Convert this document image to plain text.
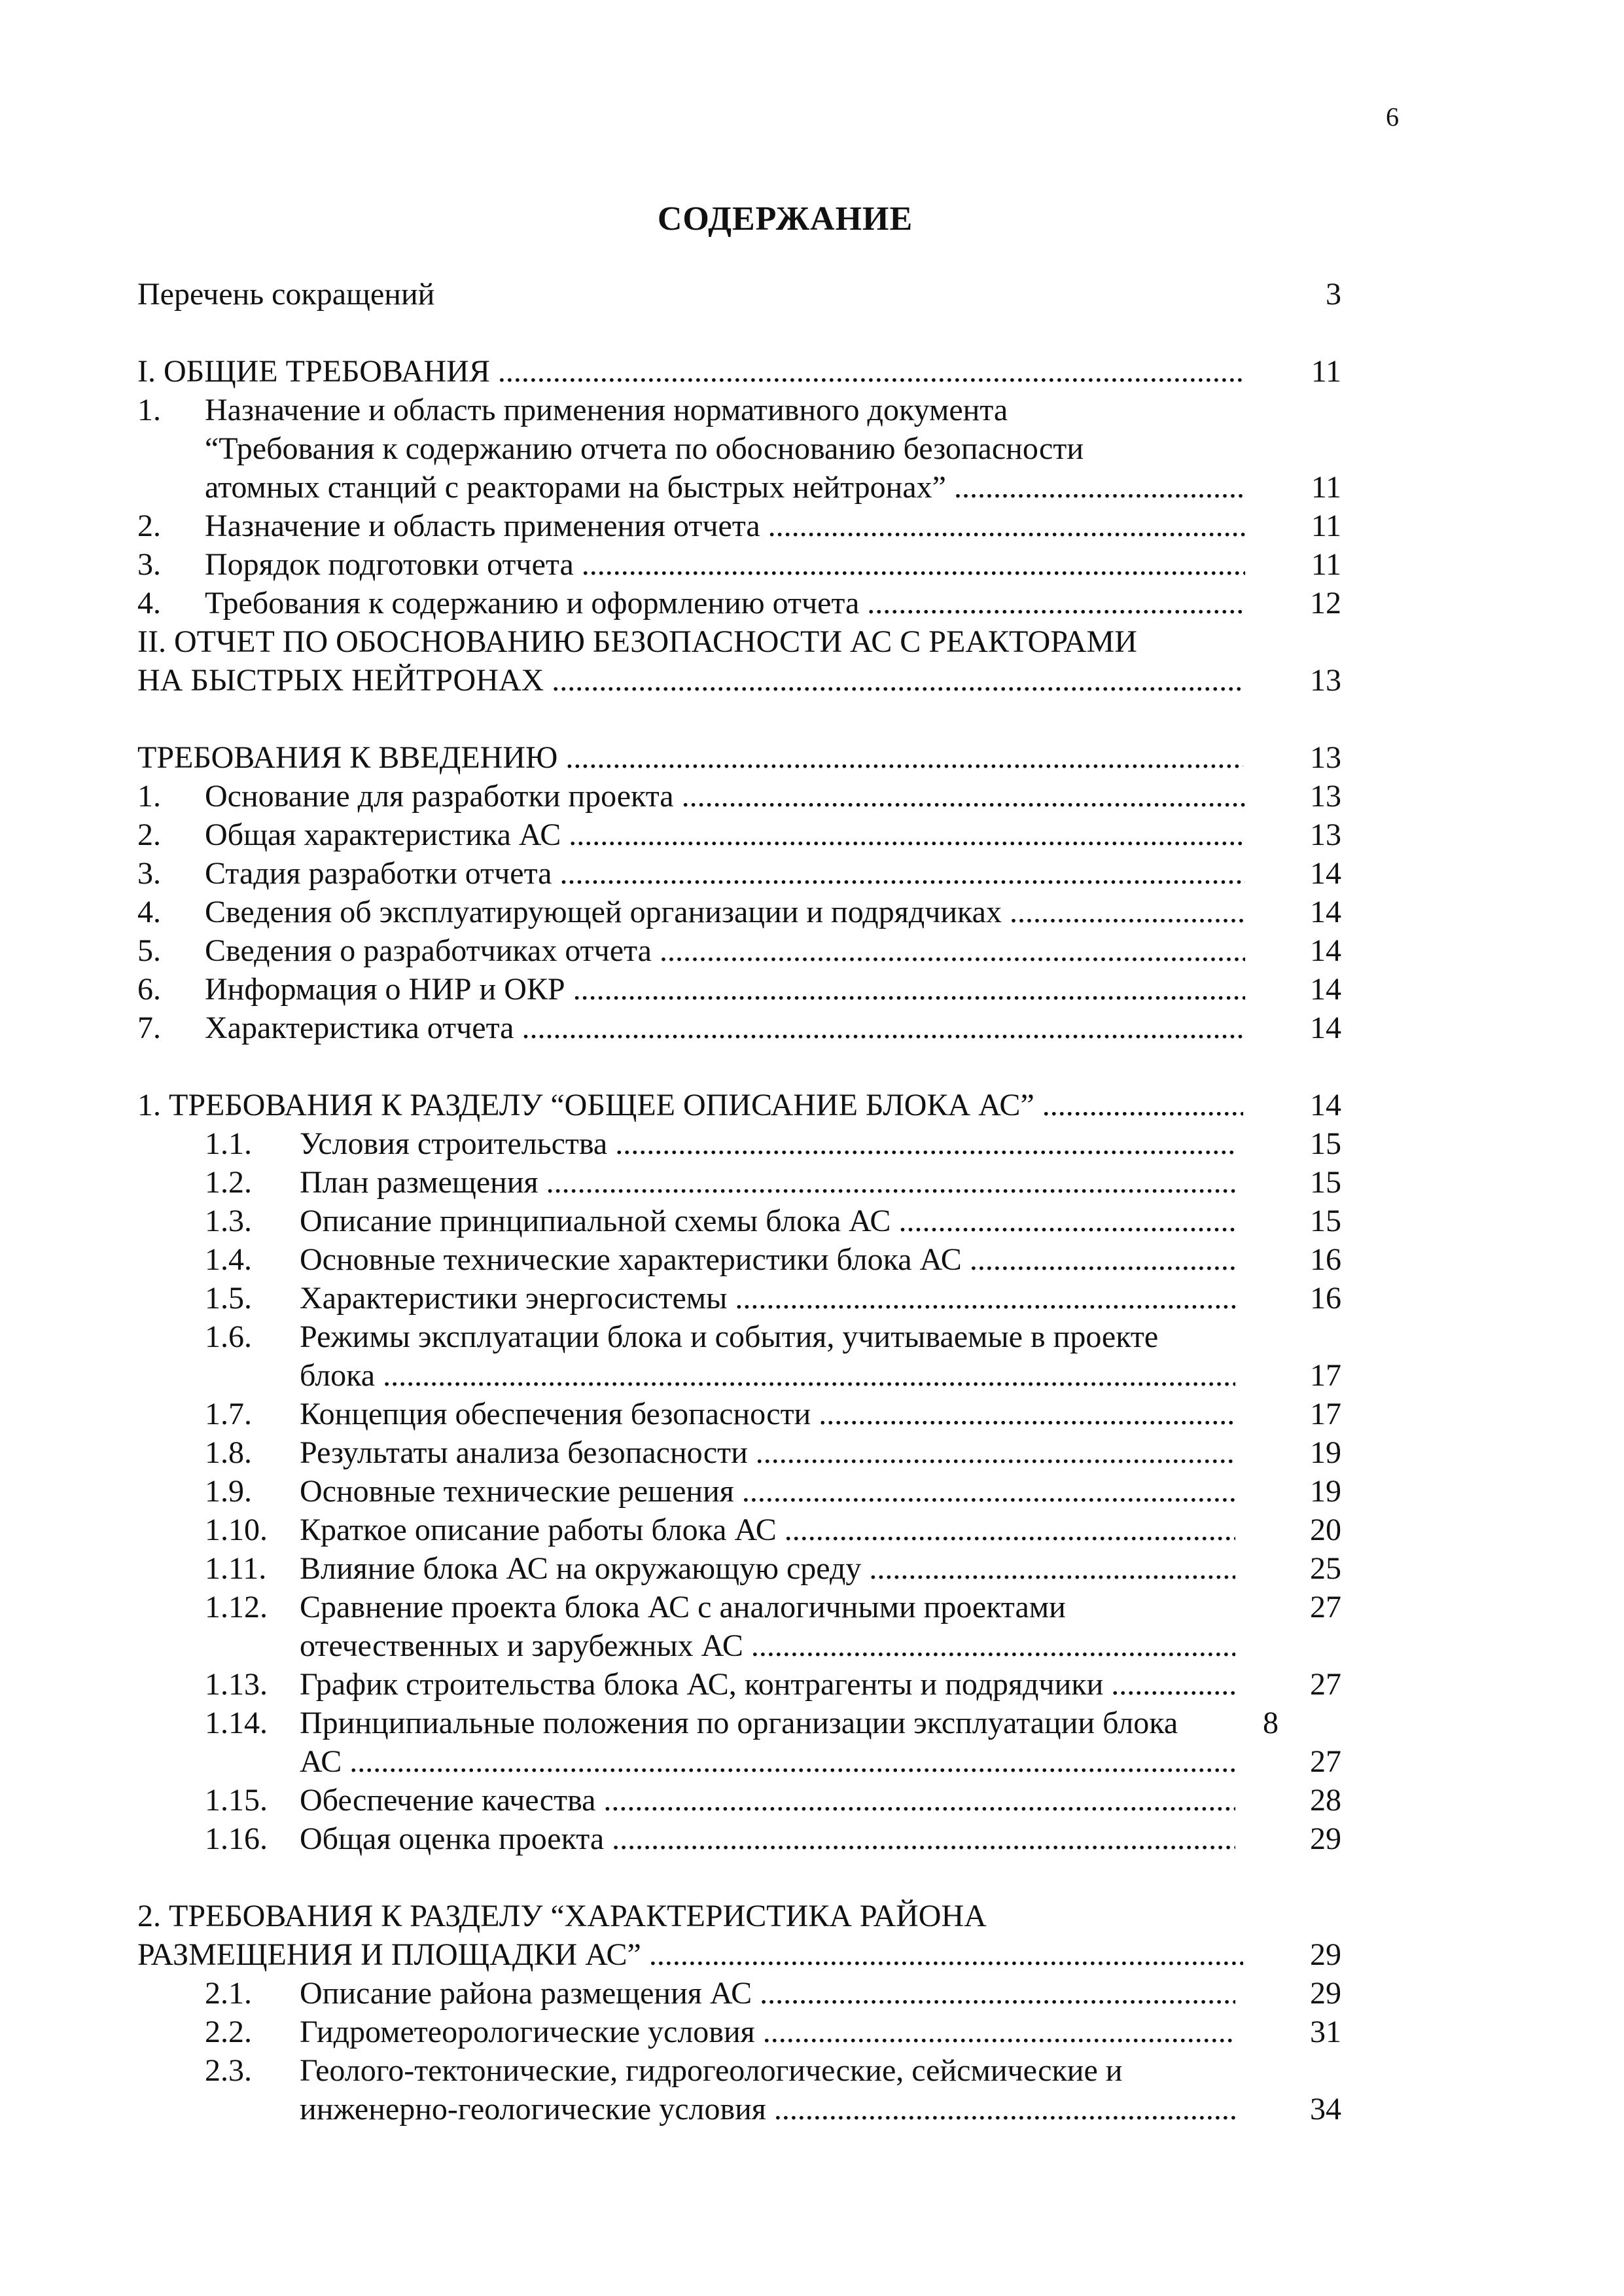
6
СОДЕРЖАНИЕ
Перечень сокращений	3
I. ОБЩИЕ ТРЕБОВАНИЯ .....	11
1. Назначение и область применения нормативного документа
“Требования к содержанию отчета по обоснованию безопасности
атомных станций с реакторами на быстрых нейтронах” .....	11
2. Назначение и область применения отчета .....	11
3. Порядок подготовки отчета .....	11
4. Требования к содержанию и оформлению отчета .....	12
II. ОТЧЕТ ПО ОБОСНОВАНИЮ БЕЗОПАСНОСТИ АС С РЕАКТОРАМИ
НА БЫСТРЫХ НЕЙТРОНАХ .....	13
ТРЕБОВАНИЯ К ВВЕДЕНИЮ .....	13
1. Основание для разработки проекта .....	13
2. Общая характеристика АС .....	13
3. Стадия разработки отчета .....	14
4. Сведения об эксплуатирующей организации и подрядчиках .....	14
5. Сведения о разработчиках отчета .....	14
6. Информация о НИР и ОКР .....	14
7. Характеристика отчета .....	14
1. ТРЕБОВАНИЯ К РАЗДЕЛУ “ОБЩЕЕ ОПИСАНИЕ БЛОКА АС” .....	14
1.1. Условия строительства .....	15
1.2. План размещения .....	15
1.3. Описание принципиальной схемы блока АС .....	15
1.4. Основные технические характеристики блока АС .....	16
1.5. Характеристики энергосистемы .....	16
1.6. Режимы эксплуатации блока и события, учитываемые в проекте
блока .....	17
1.7. Концепция обеспечения безопасности .....	17
1.8. Результаты анализа безопасности .....	19
1.9. Основные технические решения .....	19
1.10. Краткое описание работы блока АС .....	20
1.11. Влияние блока АС на окружающую среду .....	25
1.12. Сравнение проекта блока АС с аналогичными проектами	27
отечественных и зарубежных АС .....
1.13. График строительства блока АС, контрагенты и подрядчики .....	27
1.14. Принципиальные положения по организации эксплуатации блока	8
АС .....	27
1.15. Обеспечение качества .....	28
1.16. Общая оценка проекта .....	29
2. ТРЕБОВАНИЯ К РАЗДЕЛУ “ХАРАКТЕРИСТИКА РАЙОНА
РАЗМЕЩЕНИЯ И ПЛОЩАДКИ АС” .....	29
2.1. Описание района размещения АС .....	29
2.2. Гидрометеорологические условия .....	31
2.3. Геолого-тектонические, гидрогеологические, сейсмические и
инженерно-геологические условия .....	34
